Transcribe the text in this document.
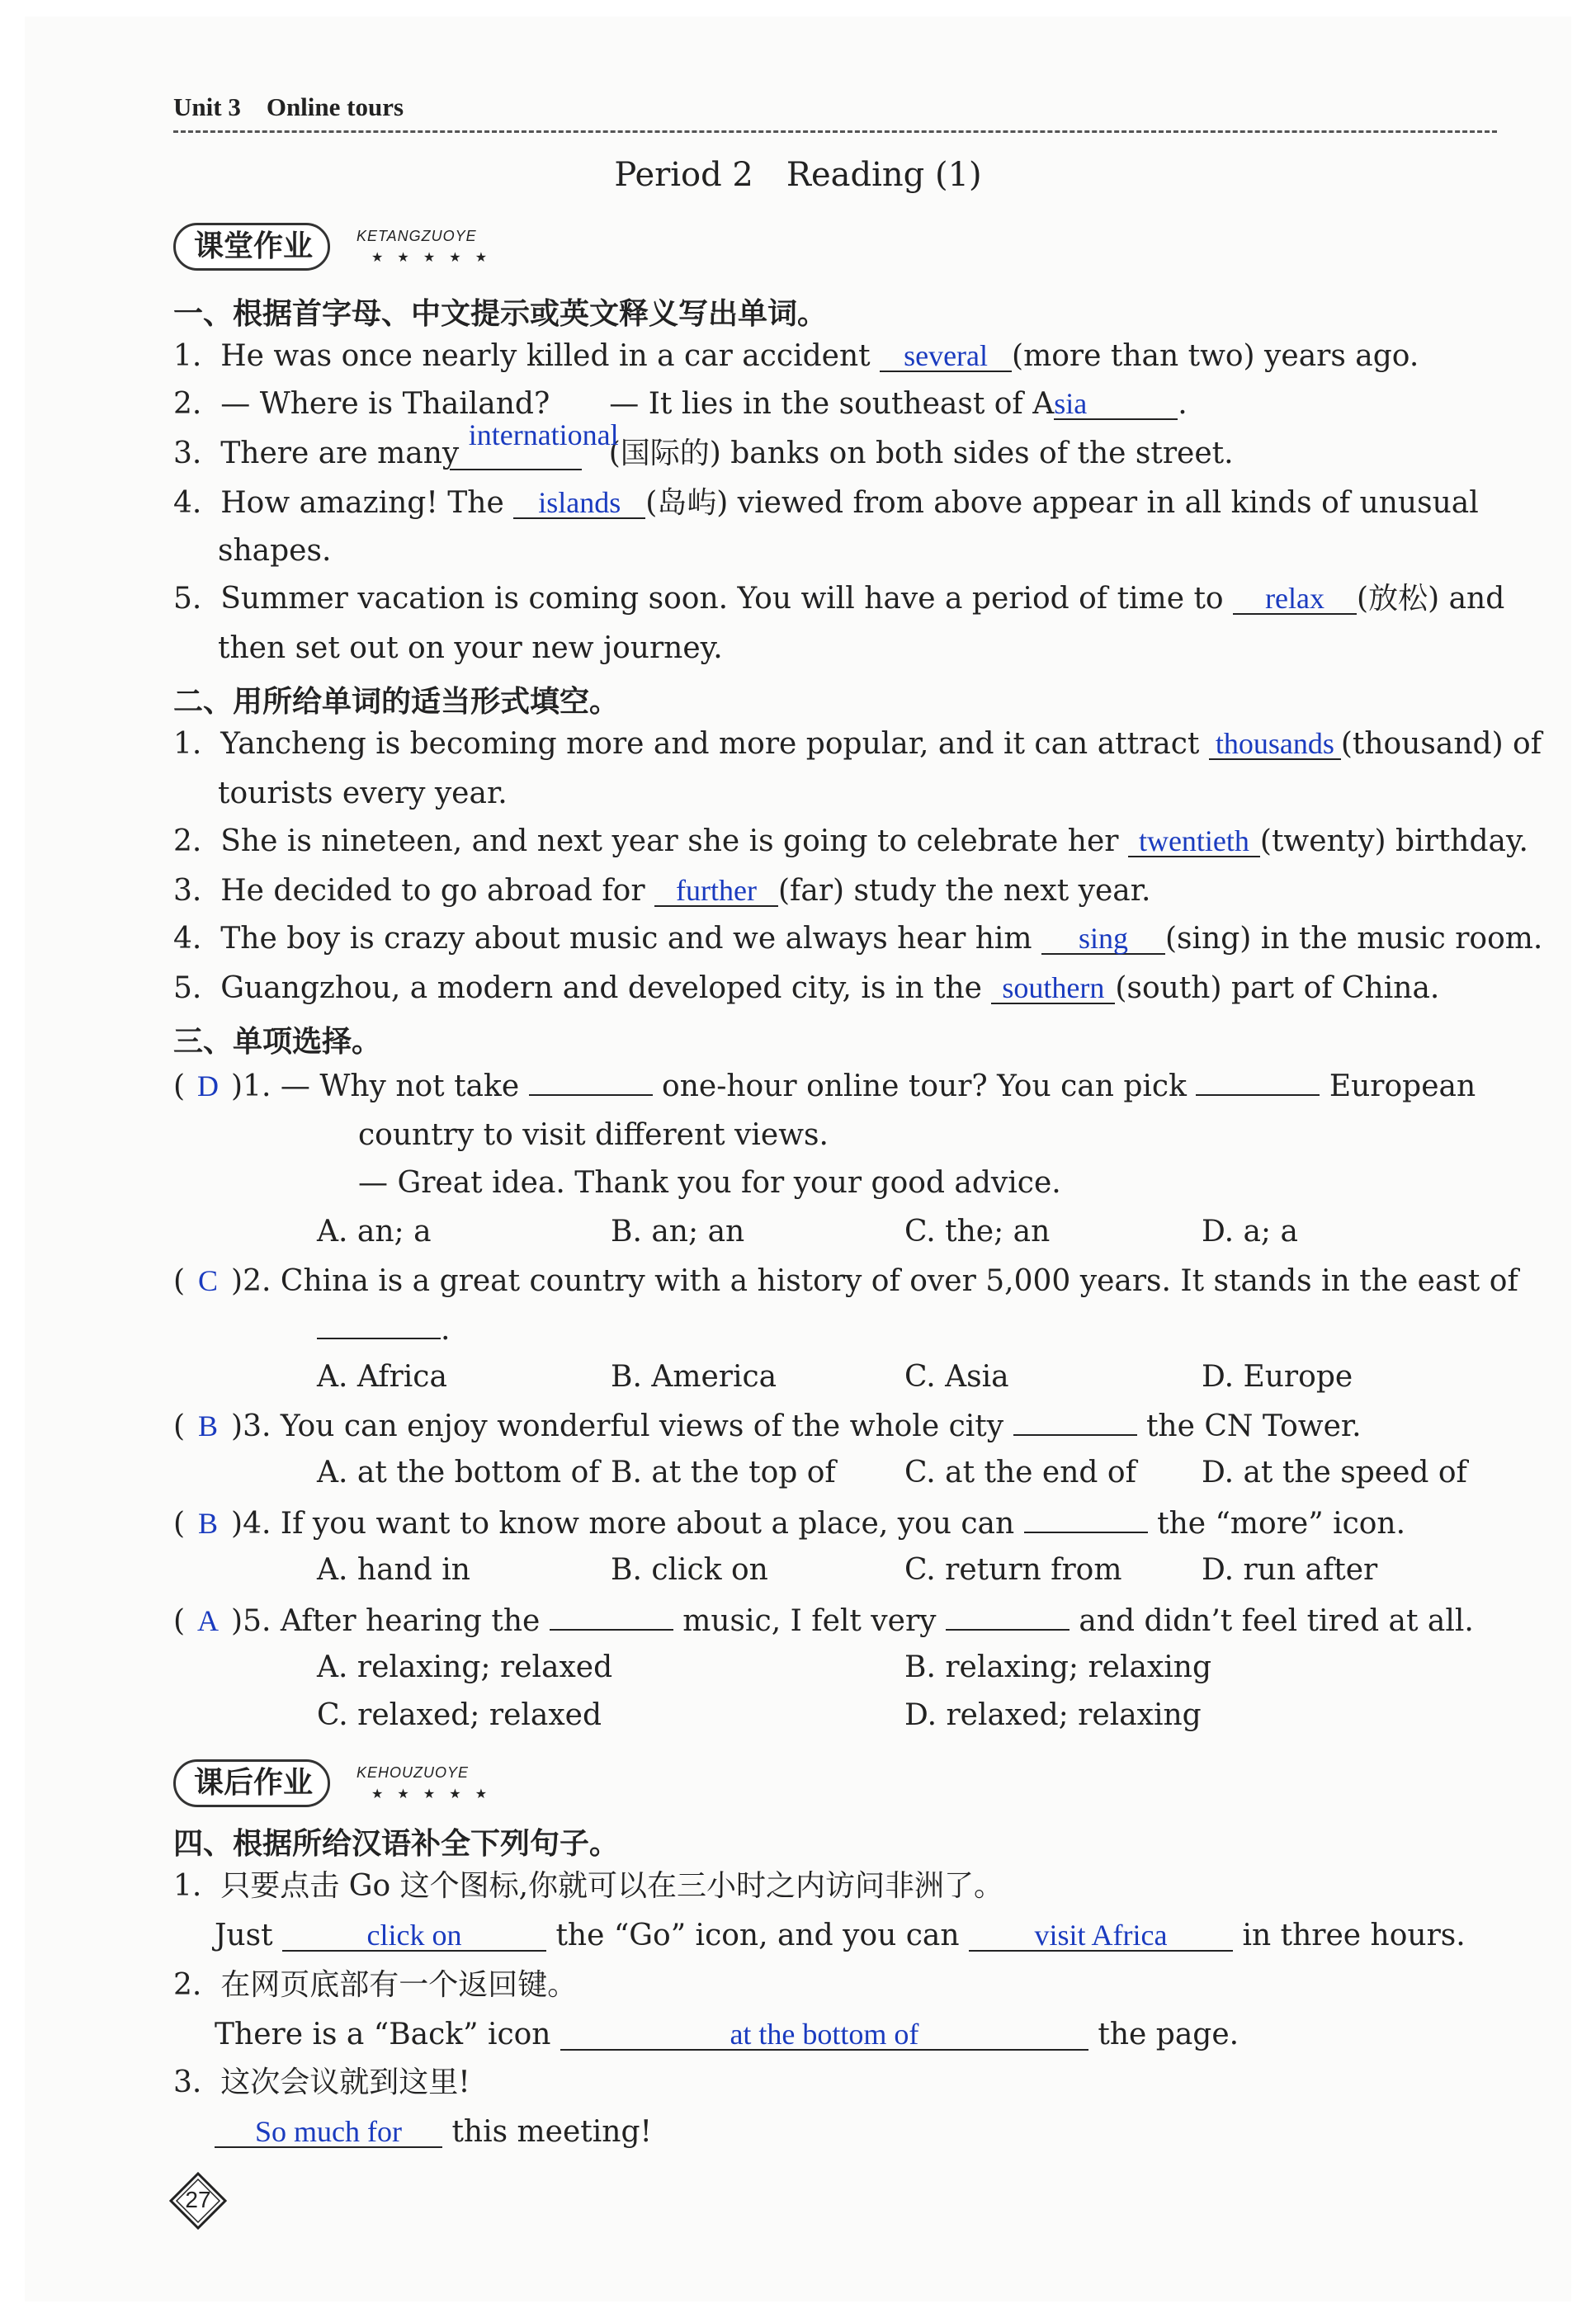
Unit 3 Online tours
Period 2　Reading (1)
课堂作业	KETANGZUOYE
★ ★ ★ ★ ★
一、根据首字母、中文提示或英文释义写出单词。
1. He was once nearly killed in a car accident several (more than two) years ago.
2. — Where is Thailand?　　— It lies in the southeast of Asia	.
3. There are many international(国际的) banks on both sides of the street.
4. How amazing! The islands (岛屿) viewed from above appear in all kinds of unusual
shapes.
5. Summer vacation is coming soon. You will have a period of time to relax (放松) and
then set out on your new journey.
二、用所给单词的适当形式填空。
1. Yancheng is becoming more and more popular, and it can attract thousands (thousand) of
tourists every year.
2. She is nineteen, and next year she is going to celebrate her twentieth (twenty) birthday.
3. He decided to go abroad for further (far) study the next year.
4. The boy is crazy about music and we always hear him sing (sing) in the music room.
5. Guangzhou, a modern and developed city, is in the southern (south) part of China.
三、单项选择。
( D )1. — Why not take	one-hour online tour? You can pick	European
country to visit different views.
— Great idea. Thank you for your good advice.
A. an; a	B. an; an	C. the; an	D. a; a
( C )2. China is a great country with a history of over 5,000 years. It stands in the east of
.
A. Africa	B. America	C. Asia	D. Europe
( B )3. You can enjoy wonderful views of the whole city	the CN Tower.
A. at the bottom of B. at the top of C. at the end of D. at the speed of
( B )4. If you want to know more about a place, you can	the “more” icon.
A. hand in	B. click on	C. return from	D. run after
( A )5. After hearing the	music, I felt very	and didn’t feel tired at all.
A. relaxing; relaxed	B. relaxing; relaxing
C. relaxed; relaxed	D. relaxed; relaxing
课后作业	KEHOUZUOYE
★ ★ ★ ★ ★
四、根据所给汉语补全下列句子。
1. 只要点击 Go 这个图标,你就可以在三小时之内访问非洲了。
Just	click on	the “Go” icon, and you can	visit Africa	in three hours.
2. 在网页底部有一个返回键。
There is a “Back” icon	at the bottom of	the page.
3. 这次会议就到这里!
So much for this meeting!
27
